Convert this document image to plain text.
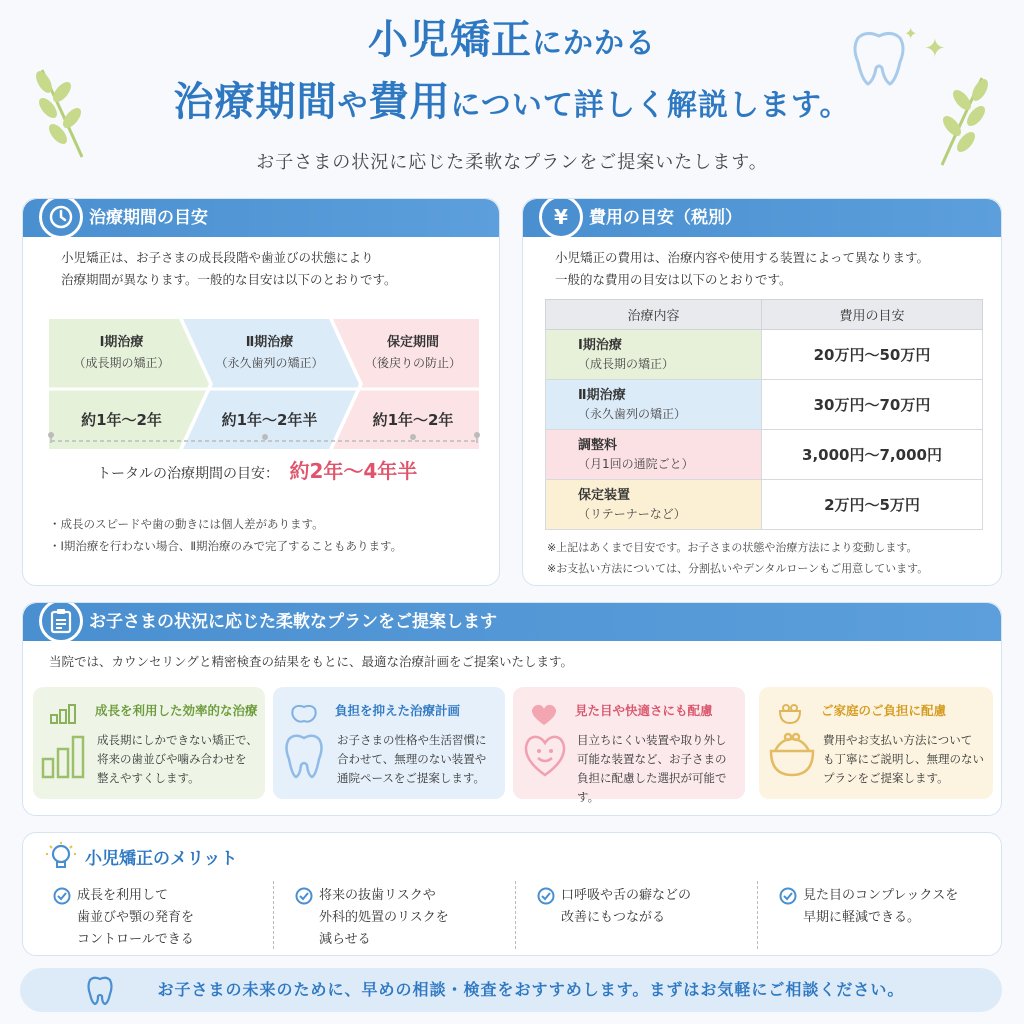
✦
✦
小児矯正にかかる
治療期間や費用について詳しく解説します。
お子さまの状況に応じた柔軟なプランをご提案いたします。
治療期間の目安
小児矯正は、お子さまの成長段階や歯並びの状態により
治療期間が異なります。一般的な目安は以下のとおりです。
Ⅰ期治療
（成長期の矯正）
約1年〜2年
Ⅱ期治療
（永久歯列の矯正）
約1年〜2年半
保定期間
（後戻りの防止）
約1年〜2年
トータルの治療期間の目安： 約2年〜4年半
・成長のスピードや歯の動きには個人差があります。
・Ⅰ期治療を行わない場合、Ⅱ期治療のみで完了することもあります。
¥ 費用の目安（税別）
小児矯正の費用は、治療内容や使用する装置によって異なります。
一般的な費用の目安は以下のとおりです。
治療内容	費用の目安
Ⅰ期治療
（成長期の矯正）	20万円〜50万円
Ⅱ期治療
（永久歯列の矯正）	30万円〜70万円
調整料
（月1回の通院ごと）	3,000円〜7,000円
保定装置
（リテーナーなど）	2万円〜5万円
※上記はあくまで目安です。お子さまの状態や治療方法により変動します。
※お支払い方法については、分割払いやデンタルローンもご用意しています。
お子さまの状況に応じた柔軟なプランをご提案します
当院では、カウンセリングと精密検査の結果をもとに、最適な治療計画をご提案いたします。
成長を利用した効率的な治療
成長期にしかできない矯正で、
将来の歯並びや噛み合わせを
整えやすくします。
負担を抑えた治療計画
お子さまの性格や生活習慣に
合わせて、無理のない装置や
通院ペースをご提案します。
見た目や快適さにも配慮
目立ちにくい装置や取り外し
可能な装置など、お子さまの
負担に配慮した選択が可能です。
ご家庭のご負担に配慮
費用やお支払い方法について
も丁寧にご説明し、無理のない
プランをご提案します。
小児矯正のメリット
成長を利用して
歯並びや顎の発育を
コントロールできる
将来の抜歯リスクや
外科的処置のリスクを
減らせる
口呼吸や舌の癖などの
改善にもつながる
見た目のコンプレックスを
早期に軽減できる。
お子さまの未来のために、早めの相談・検査をおすすめします。まずはお気軽にご相談ください。
